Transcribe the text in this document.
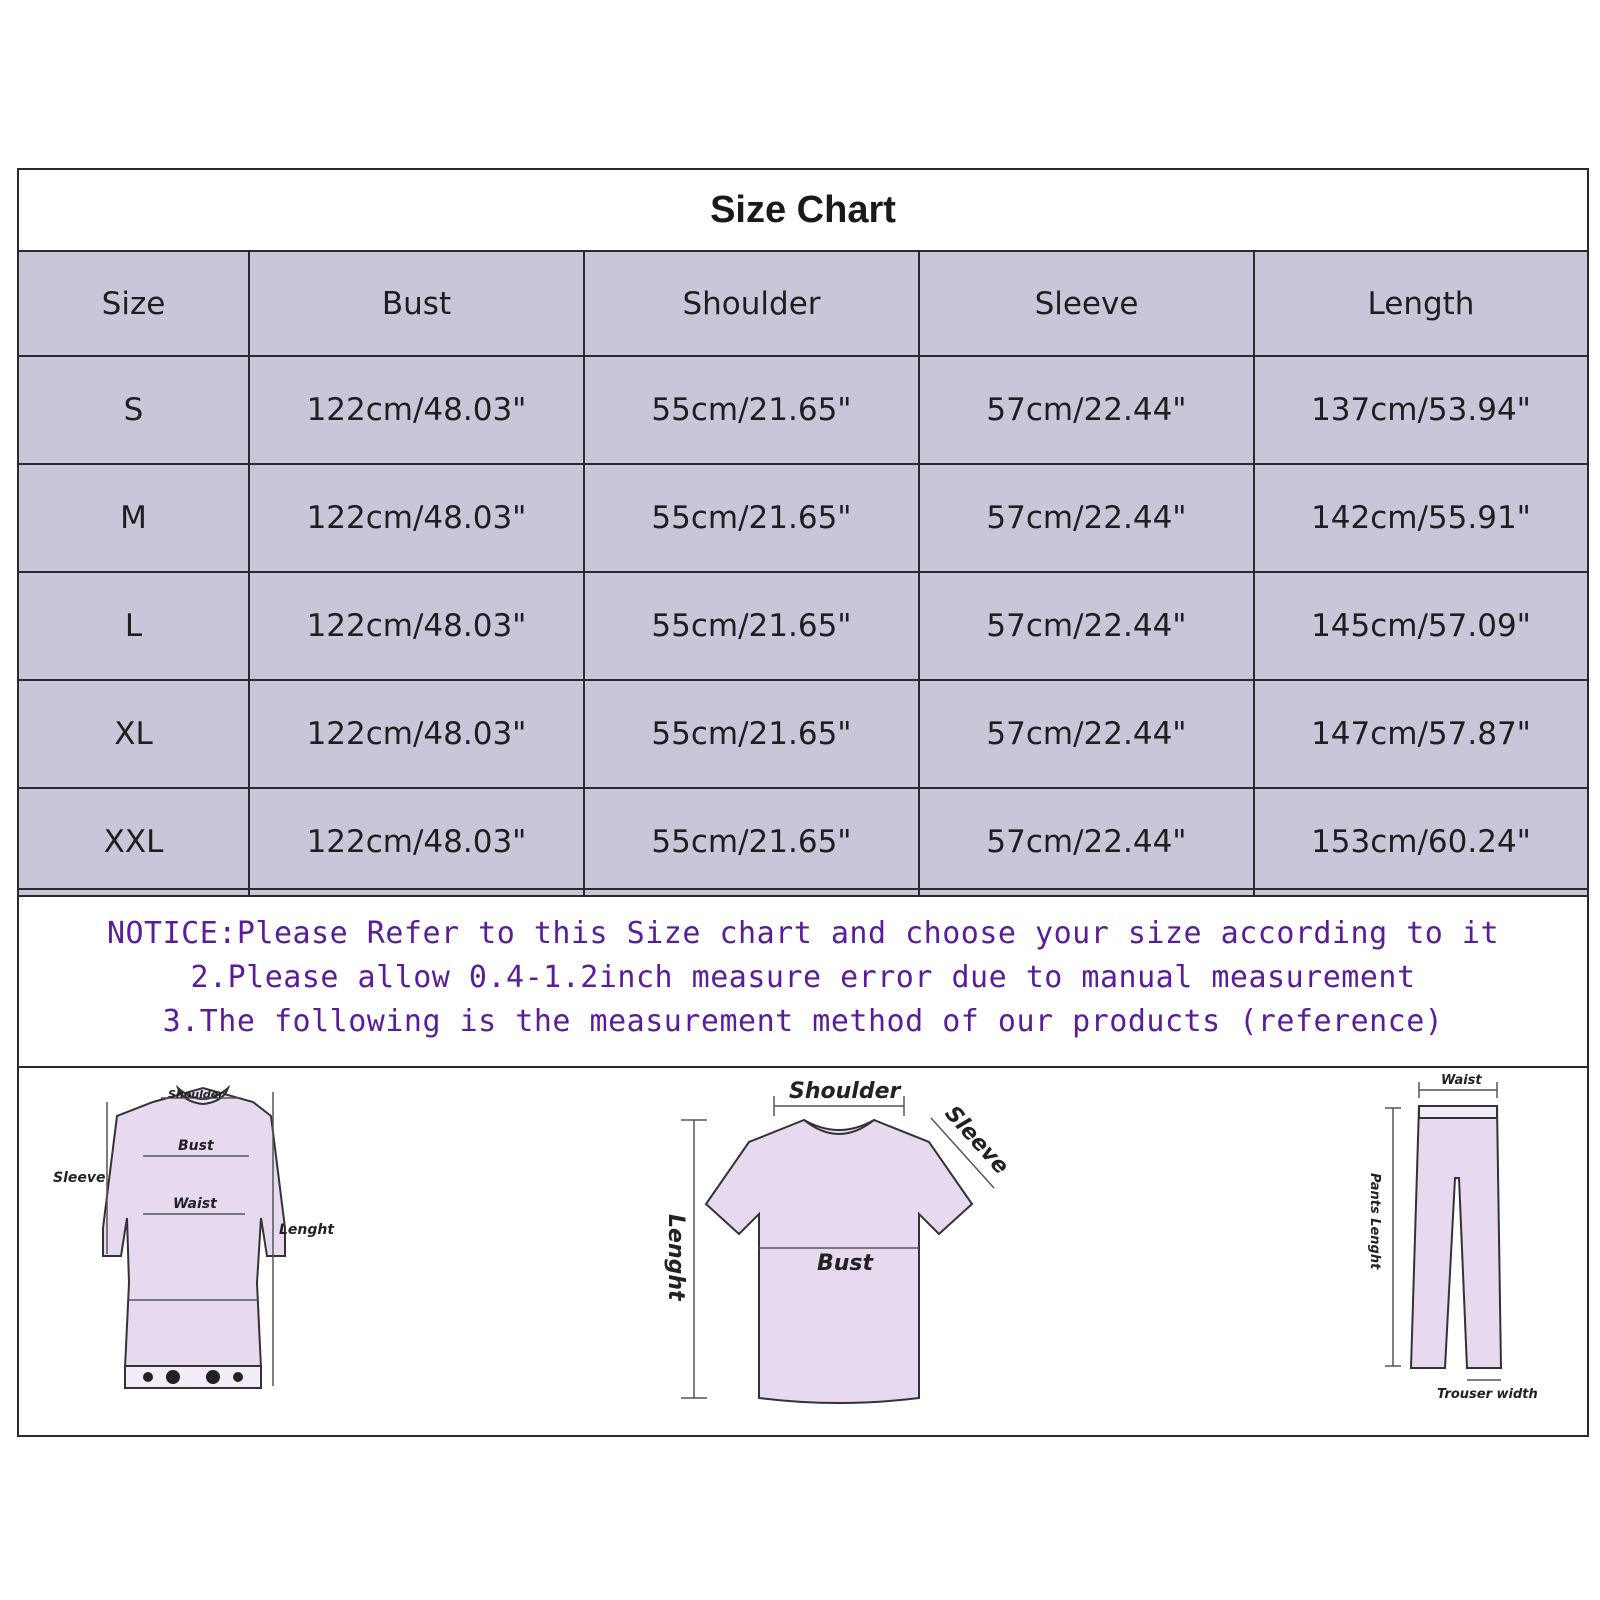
Size Chart
Size	Bust	Shoulder	Sleeve	Length
S	122cm/48.03"	55cm/21.65"	57cm/22.44"	137cm/53.94"
M	122cm/48.03"	55cm/21.65"	57cm/22.44"	142cm/55.91"
L	122cm/48.03"	55cm/21.65"	57cm/22.44"	145cm/57.09"
XL	122cm/48.03"	55cm/21.65"	57cm/22.44"	147cm/57.87"
XXL	122cm/48.03"	55cm/21.65"	57cm/22.44"	153cm/60.24"
NOTICE:Please Refer to this Size chart and choose your size according to it
2.Please allow 0.4-1.2inch measure error due to manual measurement
3.The following is the measurement method of our products (reference)
Shoulder
Bust
Sleeve
Waist
Lenght
Shoulder
Sleeve
Lenght	Bust
Waist
Pants Lenght
Trouser width
